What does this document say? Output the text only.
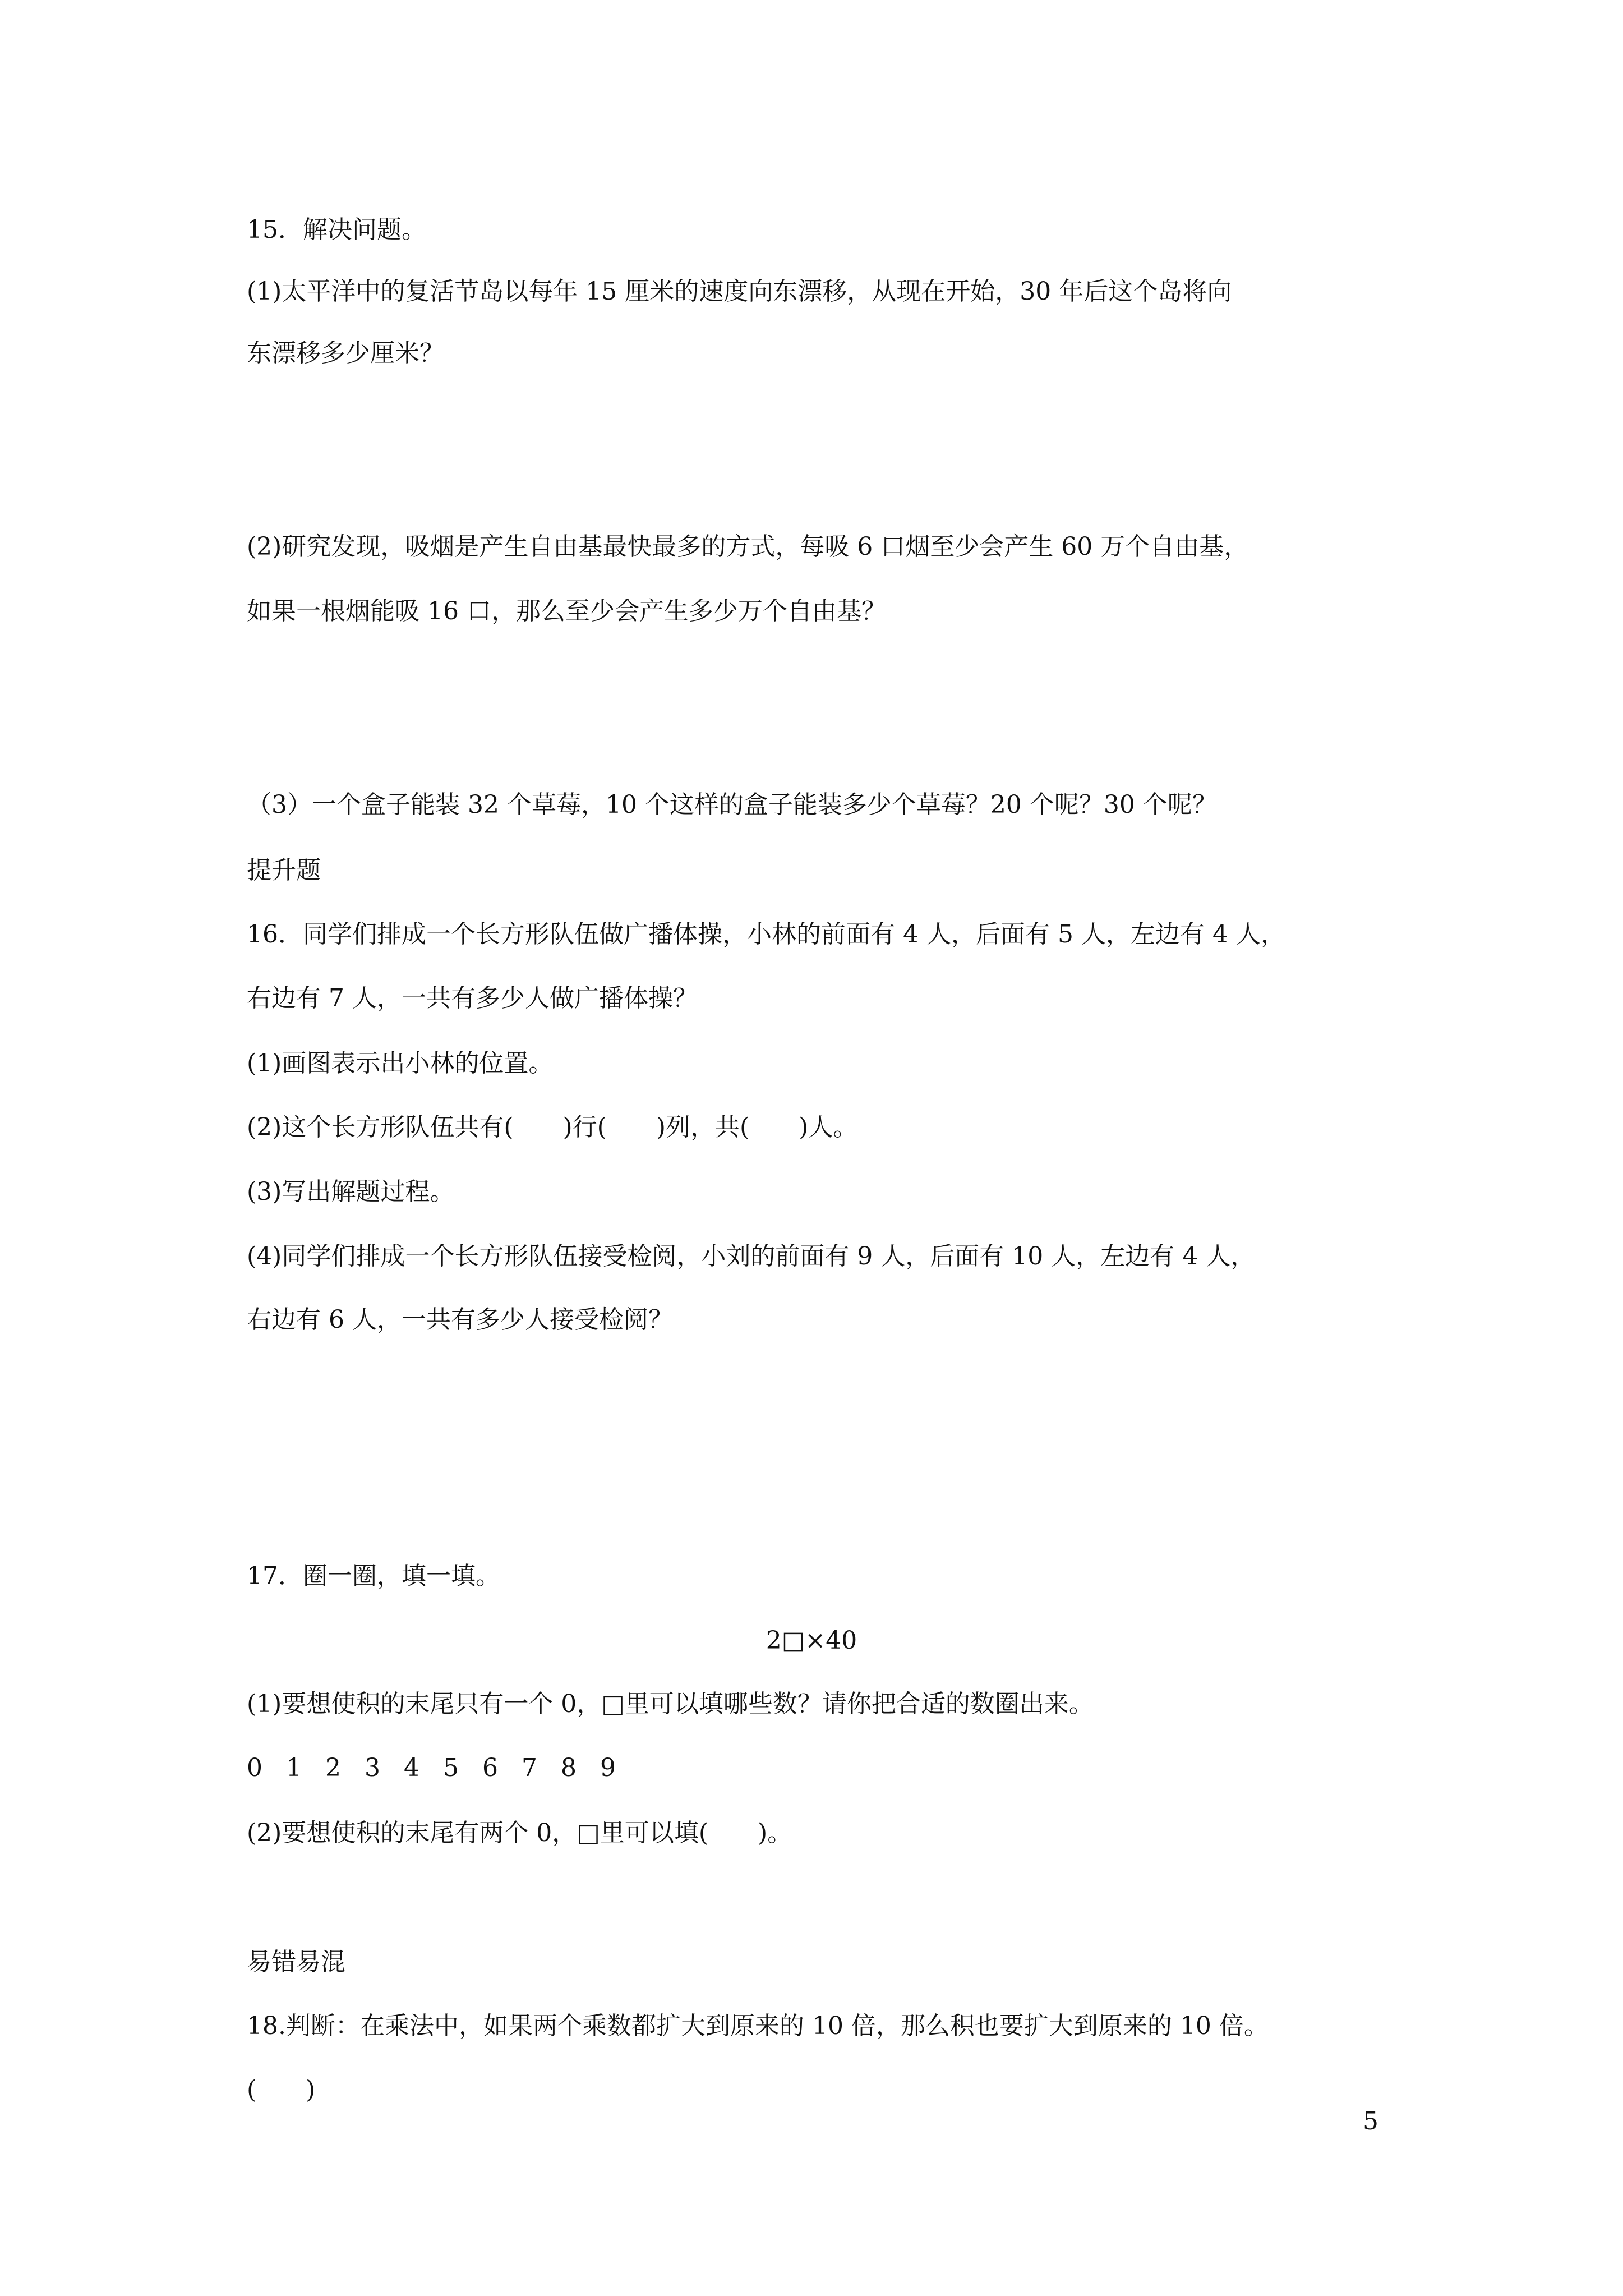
15．解决问题。
(1)太平洋中的复活节岛以每年 15 厘米的速度向东漂移，从现在开始，30 年后这个岛将向
东漂移多少厘米？
(2)研究发现，吸烟是产生自由基最快最多的方式，每吸 6 口烟至少会产生 60 万个自由基，
如果一根烟能吸 16 口，那么至少会产生多少万个自由基？
（3）一个盒子能装 32 个草莓，10 个这样的盒子能装多少个草莓？20 个呢？30 个呢？
提升题
16．同学们排成一个长方形队伍做广播体操，小林的前面有 4 人，后面有 5 人，左边有 4 人，
右边有 7 人，一共有多少人做广播体操？
(1)画图表示出小林的位置。
(2)这个长方形队伍共有(　　)行(　　)列，共(　　)人。
(3)写出解题过程。
(4)同学们排成一个长方形队伍接受检阅，小刘的前面有 9 人，后面有 10 人，左边有 4 人，
右边有 6 人，一共有多少人接受检阅？
17．圈一圈，填一填。
2□×40
(1)要想使积的末尾只有一个 0，□里可以填哪些数？请你把合适的数圈出来。
0 1 2 3 4 5 6 7 8 9
(2)要想使积的末尾有两个 0，□里可以填(　　)。
易错易混
18.判断：在乘法中，如果两个乘数都扩大到原来的 10 倍，那么积也要扩大到原来的 10 倍。
(　　)
5
